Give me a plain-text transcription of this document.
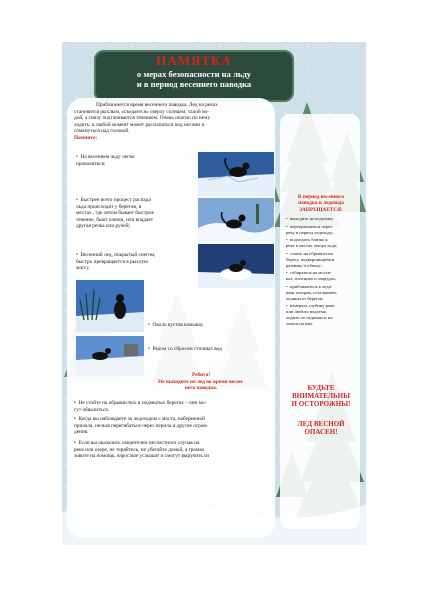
ПАМЯТКА
о мерах безопасности на льду
и в период весеннего паводка
Приближается время весеннего паводка. Лед на реках
становится рыхлым, «съедается» сверху солнцем, талой во-
дой, а снизу подтачивается течением. Очень опасно по нему
ходить: в любой момент может рассыпаться под ногами и
сомкнуться над головой.
Помните:
•  На весеннем льду легко
провалиться;
•  Быстрее всего процесс распада
льда происходит у берегов, в
местах , где летом бывает быстрое
течение, бьют ключи, или впадает
другая речка или ручей;
•  Весенний лед, покрытый снегом,
быстро превращается в рыхлую
массу.
•  Около кустов камыша;
•  Рядом со сбросом сточных вод
Ребята!
Не выходите на лед во время весен-
него паводка.
•  Не стойте на обрывистых и подмытых берегах – они мо-
гут обвалиться.
•  Когда вы наблюдаете за ледоходом с моста, набережной
причала, нельзя перегибаться через перила и другие ограж-
дения.
•  Если вы оказались свидетелем несчастного случая на
реке или озере, не теряйтесь, не убегайте домой, а громко
зовите на помощь, взрослые услышат и смогут выручить из
В период весеннего
паводка и ледохода
ЗАПРЕЩАЕТСЯ:

•  выходить на водоемы;

•  переправляться через
реку в период ледохода;

•  подходить близко к
реке в местах затора льда;

•  стоять на обрывистом
берегу, подвергающемся
размыву и обвалу;

•  собираться на мости-
ках, плотинах и запрудах;

•  приближаться к ледя-
ным заторам, отталкивать
льдины от берегов;

•  измерять глубину реки
или любого водоема,
ходить по льдинам и ка-
таться на них.

БУДЬТЕ
ВНИМАТЕЛЬНЫ
И ОСТОРОЖНЫ!
ЛЕД ВЕСНОЙ
ОПАСЕН!
